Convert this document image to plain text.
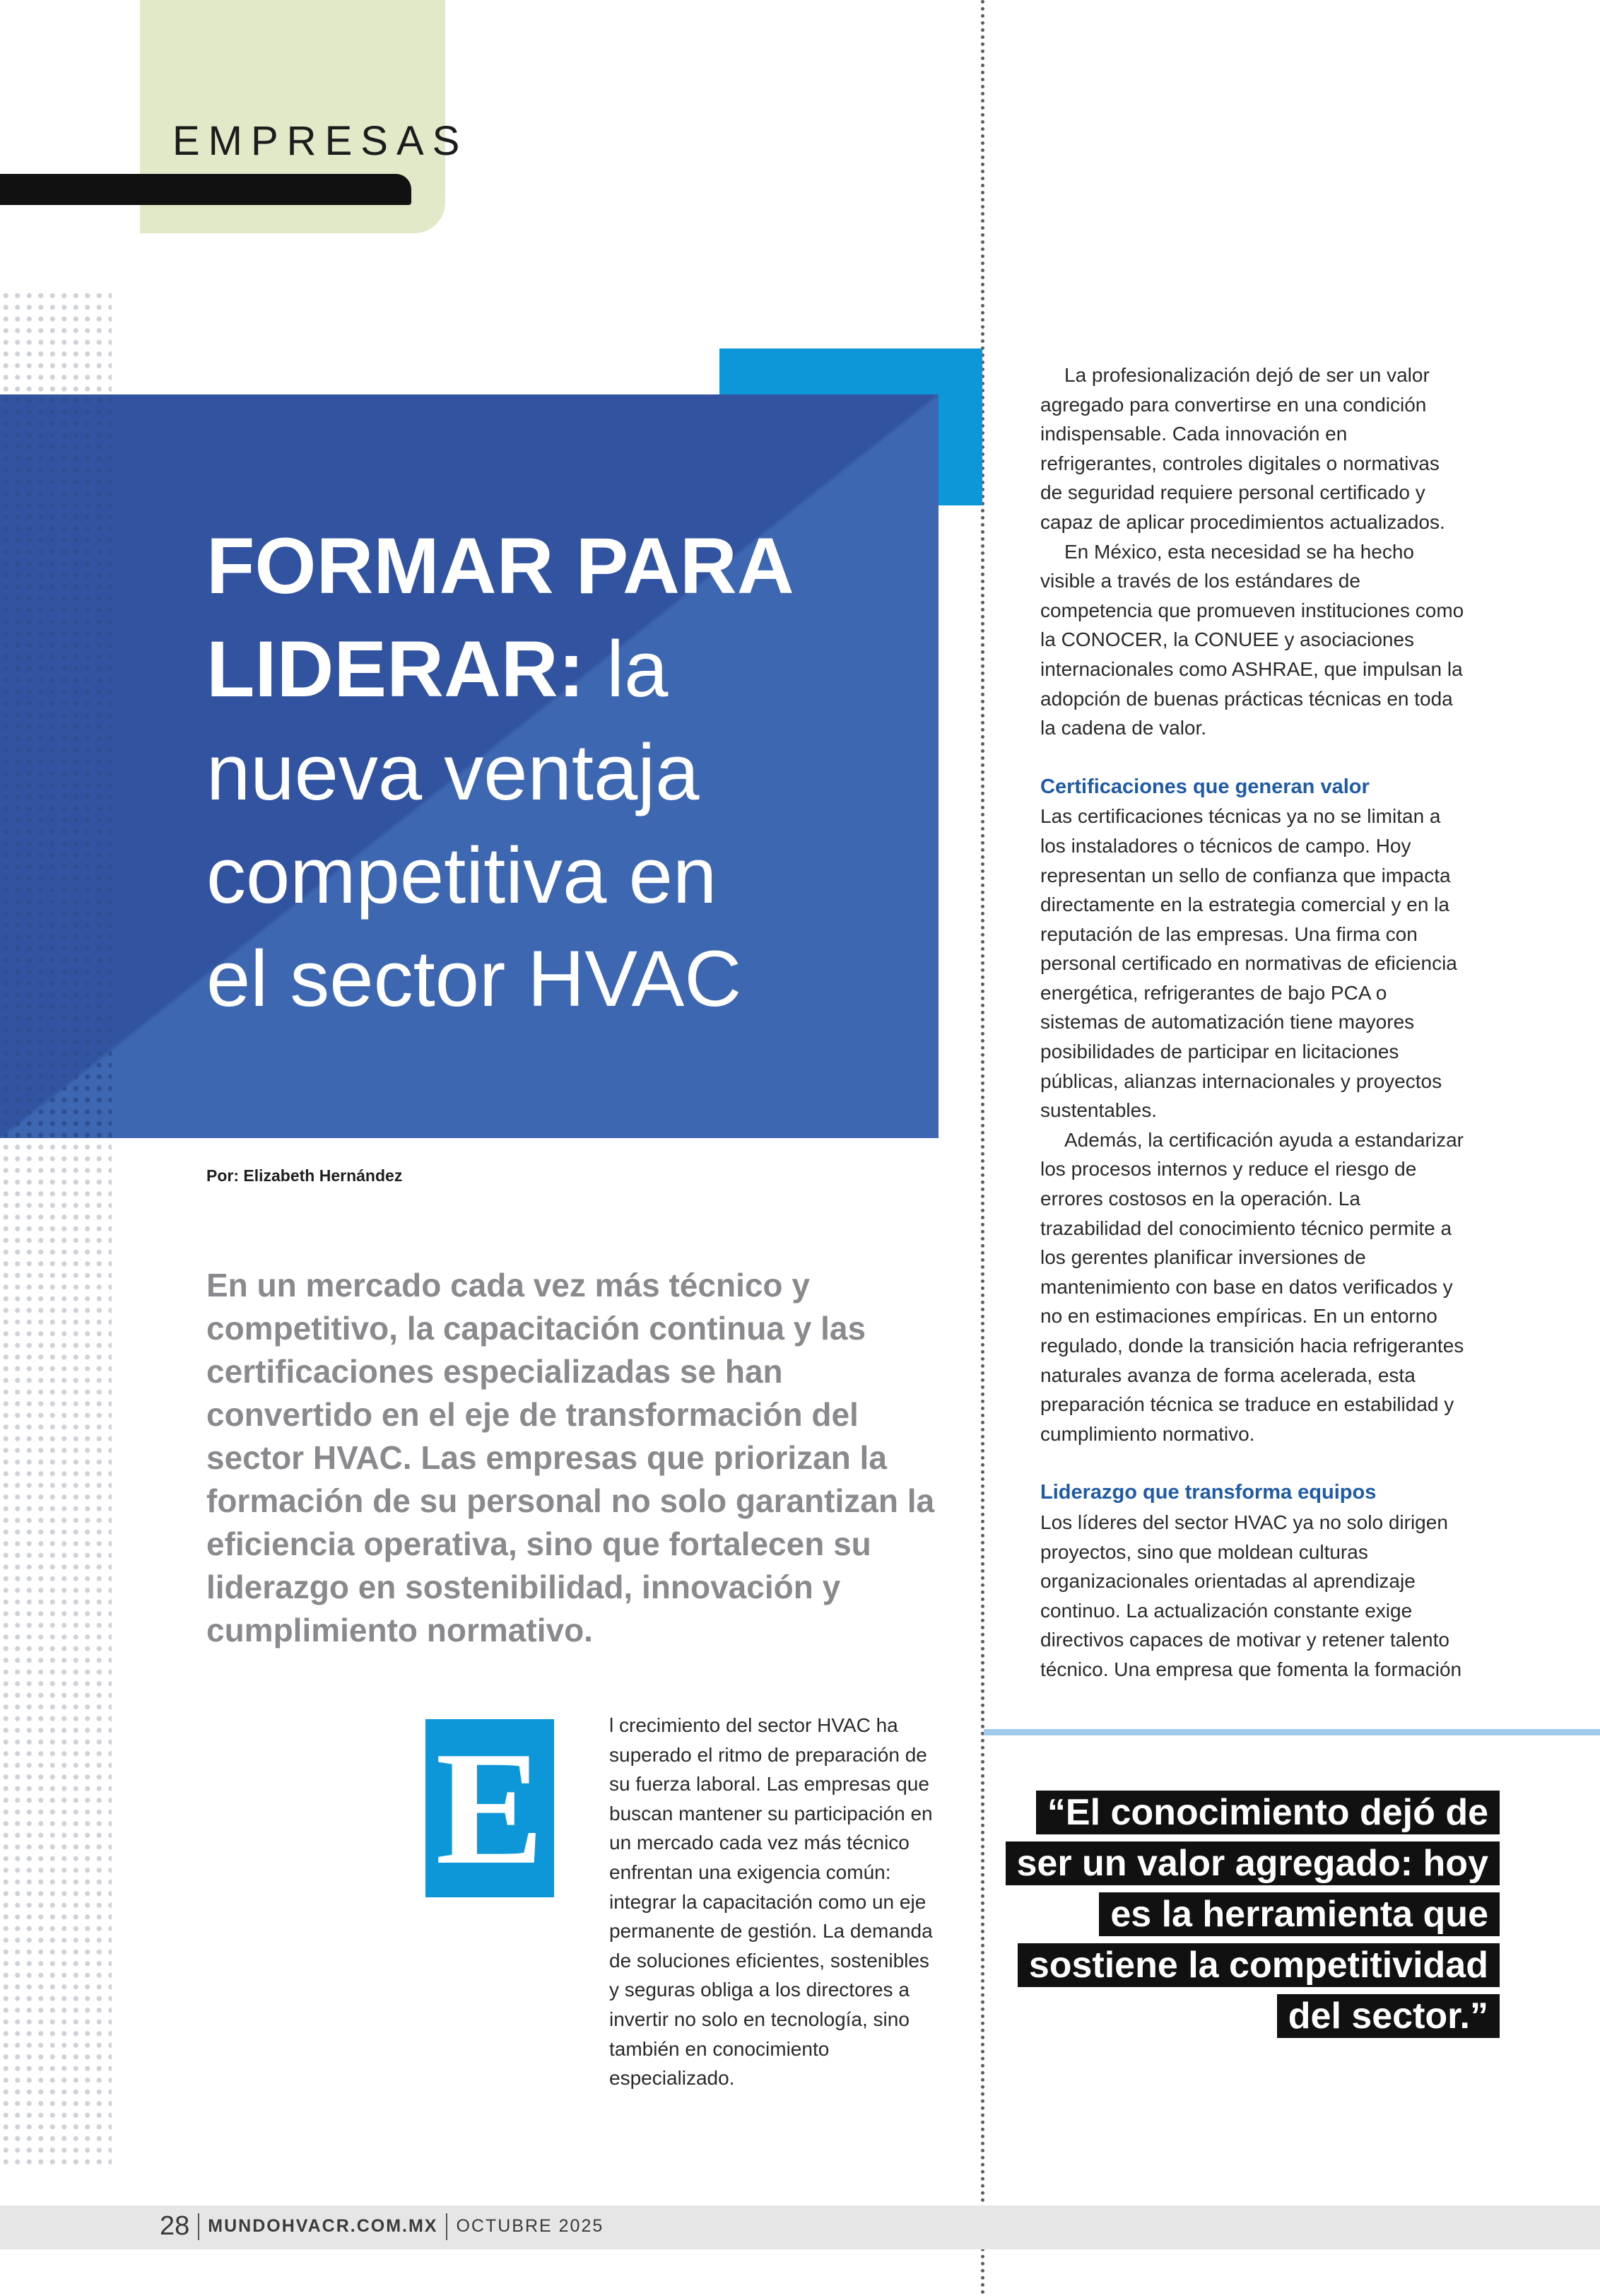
EMPRESAS
FORMAR PARA
LIDERAR: la
nueva ventaja
competitiva en
el sector HVAC
Por: Elizabeth Hernández

En un mercado cada vez más técnico y competitivo, la capacitación continua y las certificaciones especializadas se han convertido en el eje de transformación del sector HVAC. Las empresas que priorizan la formación de su personal no solo garantizan la eficiencia operativa, sino que fortalecen su liderazgo en sostenibilidad, innovación y cumplimiento normativo.

E	l crecimiento del sector HVAC ha superado el ritmo de preparación de su fuerza laboral. Las empresas que buscan mantener su participación en un mercado cada vez más técnico enfrentan una exigencia común: integrar la capacitación como un eje permanente de gestión. La demanda de soluciones eficientes, sostenibles y seguras obliga a los directores a invertir no solo en tecnología, sino también en conocimiento especializado.

La profesionalización dejó de ser un valor agregado para convertirse en una condición indispensable. Cada innovación en refrigerantes, controles digitales o normativas de seguridad requiere personal certificado y capaz de aplicar procedimientos actualizados.

En México, esta necesidad se ha hecho visible a través de los estándares de competencia que promueven instituciones como la CONOCER, la CONUEE y asociaciones internacionales como ASHRAE, que impulsan la adopción de buenas prácticas técnicas en toda la cadena de valor.

Certificaciones que generan valor

Las certificaciones técnicas ya no se limitan a los instaladores o técnicos de campo. Hoy representan un sello de confianza que impacta directamente en la estrategia comercial y en la reputación de las empresas. Una firma con personal certificado en normativas de eficiencia energética, refrigerantes de bajo PCA o sistemas de automatización tiene mayores posibilidades de participar en licitaciones públicas, alianzas internacionales y proyectos sustentables.

Además, la certificación ayuda a estandarizar los procesos internos y reduce el riesgo de errores costosos en la operación. La trazabilidad del conocimiento técnico permite a los gerentes planificar inversiones de mantenimiento con base en datos verificados y no en estimaciones empíricas. En un entorno regulado, donde la transición hacia refrigerantes naturales avanza de forma acelerada, esta preparación técnica se traduce en estabilidad y cumplimiento normativo.

Liderazgo que transforma equipos

Los líderes del sector HVAC ya no solo dirigen proyectos, sino que moldean culturas organizacionales orientadas al aprendizaje continuo. La actualización constante exige directivos capaces de motivar y retener talento técnico. Una empresa que fomenta la formación

“El conocimiento dejó de ser un valor agregado: hoy es la herramienta que sostiene la competitividad del sector.”
28 MUNDOHVACR.COM.MX OCTUBRE 2025
